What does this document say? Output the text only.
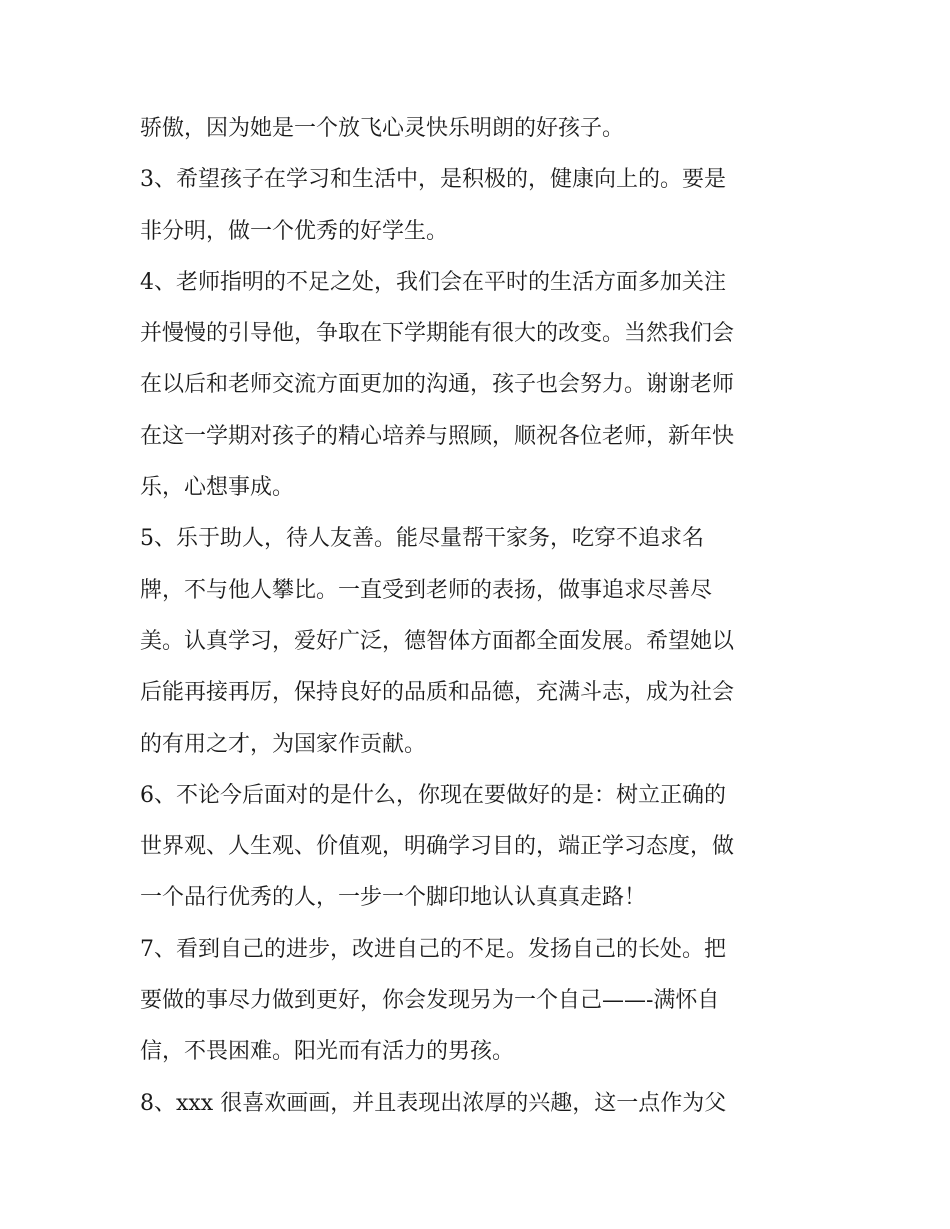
骄傲，因为她是一个放飞心灵快乐明朗的好孩子。
3、希望孩子在学习和生活中，是积极的，健康向上的。要是
非分明，做一个优秀的好学生。
4、老师指明的不足之处，我们会在平时的生活方面多加关注
并慢慢的引导他，争取在下学期能有很大的改变。当然我们会
在以后和老师交流方面更加的沟通，孩子也会努力。谢谢老师
在这一学期对孩子的精心培养与照顾，顺祝各位老师，新年快
乐，心想事成。
5、乐于助人，待人友善。能尽量帮干家务，吃穿不追求名
牌，不与他人攀比。一直受到老师的表扬，做事追求尽善尽
美。认真学习，爱好广泛，德智体方面都全面发展。希望她以
后能再接再厉，保持良好的品质和品德，充满斗志，成为社会
的有用之才，为国家作贡献。
6、不论今后面对的是什么，你现在要做好的是：树立正确的
世界观、人生观、价值观，明确学习目的，端正学习态度，做
一个品行优秀的人，一步一个脚印地认认真真走路！
7、看到自己的进步，改进自己的不足。发扬自己的长处。把
要做的事尽力做到更好，你会发现另为一个自己——-满怀自
信，不畏困难。阳光而有活力的男孩。
8、xxx 很喜欢画画，并且表现出浓厚的兴趣，这一点作为父
